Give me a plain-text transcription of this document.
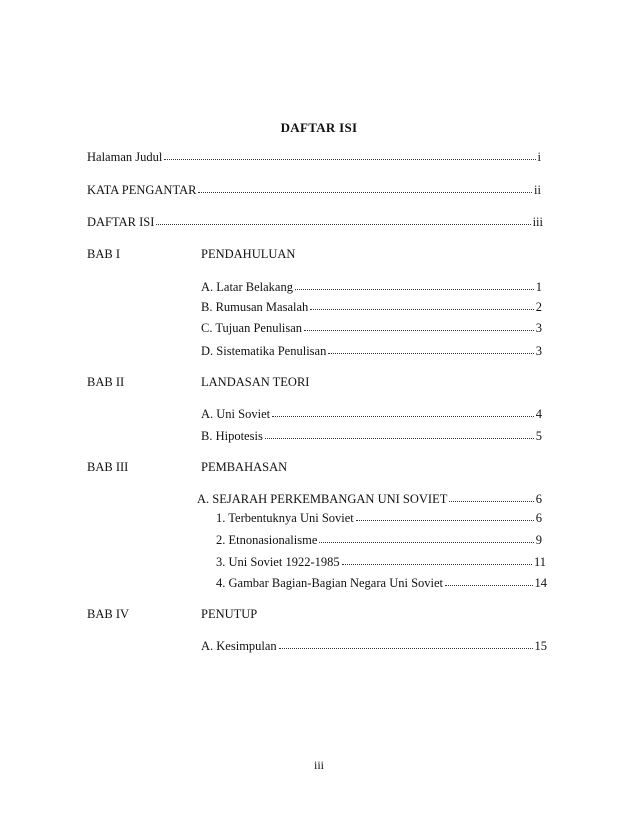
DAFTAR ISI
Halaman Judul	i
KATA PENGANTAR	ii
DAFTAR ISI	iii
BAB I	PENDAHULUAN
A. Latar Belakang	1
B. Rumusan Masalah	2
C. Tujuan Penulisan	3
D. Sistematika Penulisan	3
BAB II	LANDASAN TEORI
A. Uni Soviet	4
B. Hipotesis	5
BAB III	PEMBAHASAN
A. SEJARAH PERKEMBANGAN UNI SOVIET	6
1. Terbentuknya Uni Soviet	6
2. Etnonasionalisme	9
3. Uni Soviet 1922-1985	11
4. Gambar Bagian-Bagian Negara Uni Soviet	14
BAB IV	PENUTUP
A. Kesimpulan	15
iii
